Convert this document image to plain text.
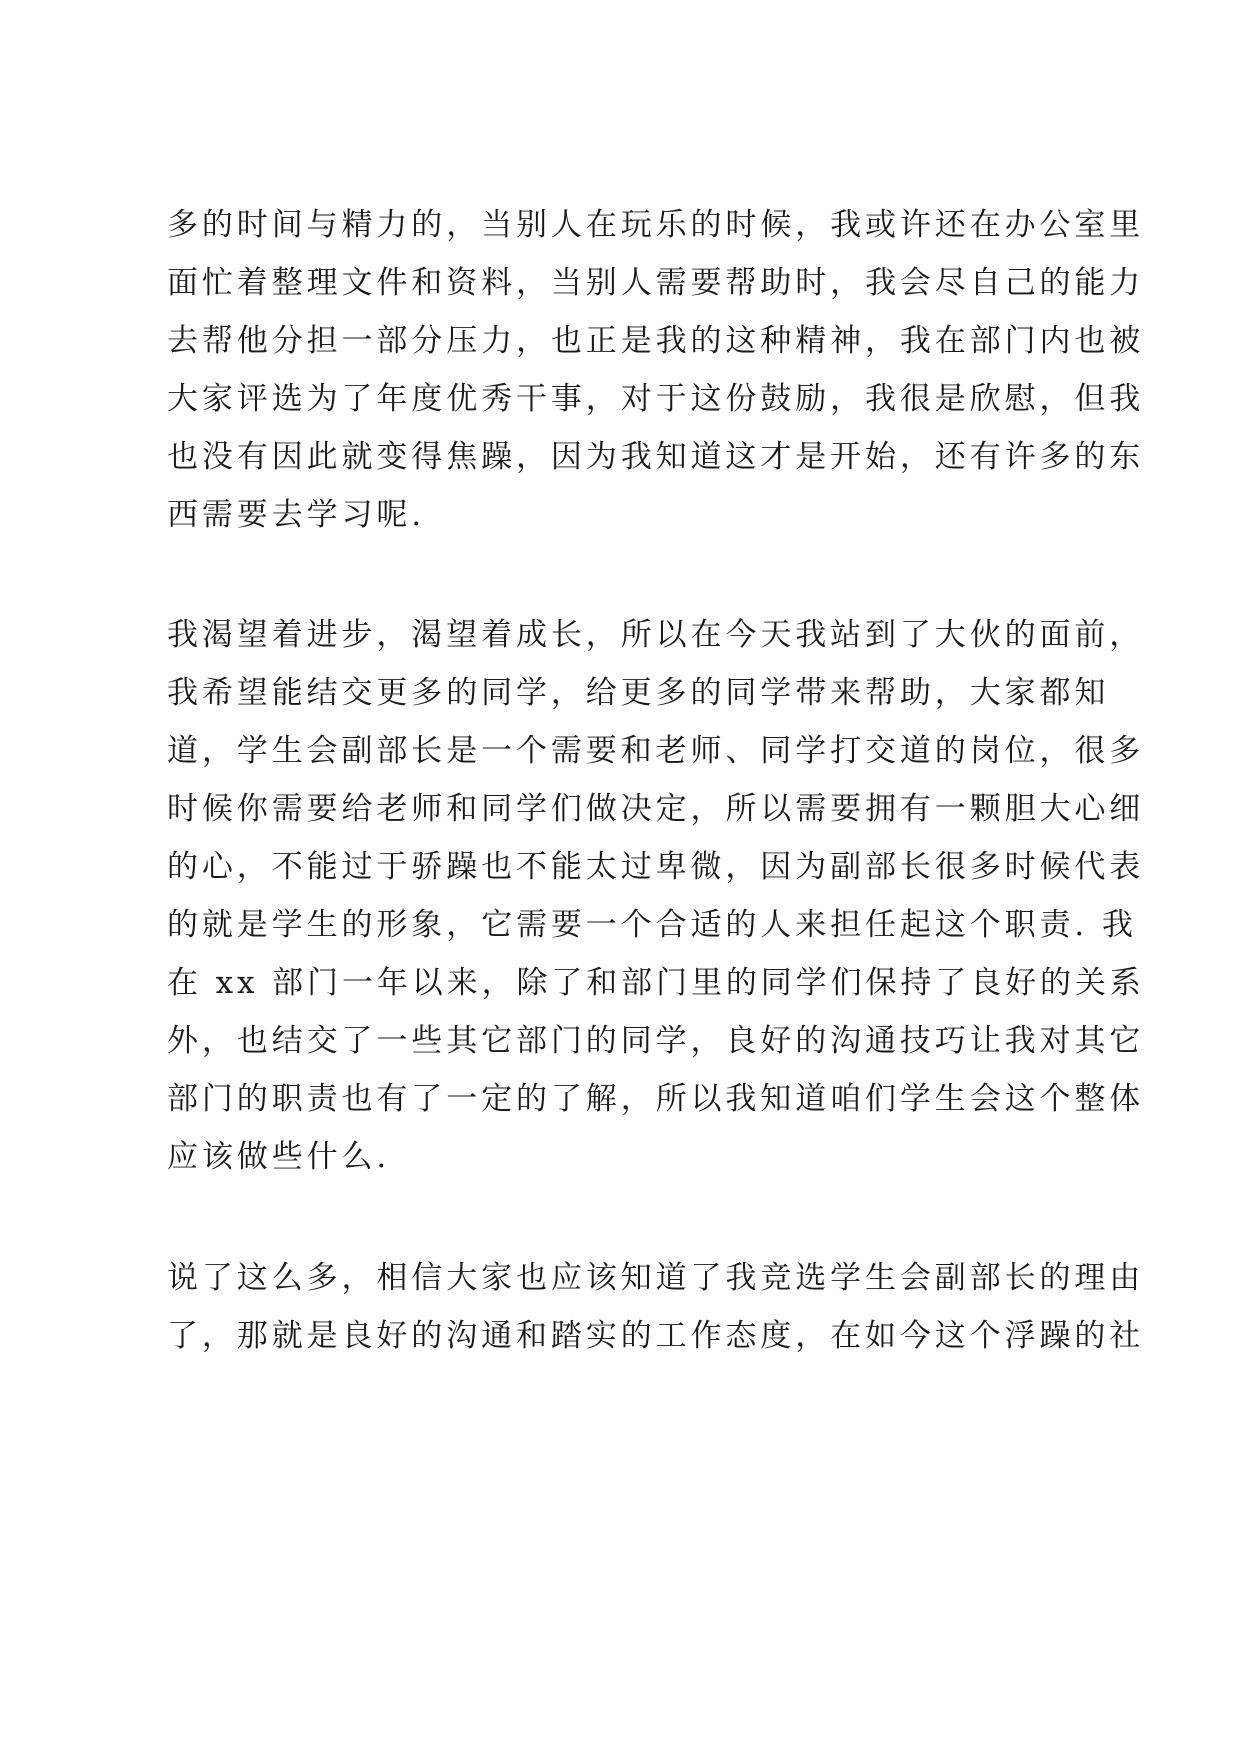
多的时间与精力的，当别人在玩乐的时候，我或许还在办公室里
面忙着整理文件和资料，当别人需要帮助时，我会尽自己的能力
去帮他分担一部分压力，也正是我的这种精神，我在部门内也被
大家评选为了年度优秀干事，对于这份鼓励，我很是欣慰，但我
也没有因此就变得焦躁，因为我知道这才是开始，还有许多的东
西需要去学习呢.
我渴望着进步，渴望着成长，所以在今天我站到了大伙的面前，
我希望能结交更多的同学，给更多的同学带来帮助，大家都知
道，学生会副部长是一个需要和老师、同学打交道的岗位，很多
时候你需要给老师和同学们做决定，所以需要拥有一颗胆大心细
的心，不能过于骄躁也不能太过卑微，因为副部长很多时候代表
的就是学生的形象，它需要一个合适的人来担任起这个职责. 我
在 xx 部门一年以来，除了和部门里的同学们保持了良好的关系
外，也结交了一些其它部门的同学，良好的沟通技巧让我对其它
部门的职责也有了一定的了解，所以我知道咱们学生会这个整体
应该做些什么.
说了这么多，相信大家也应该知道了我竞选学生会副部长的理由
了，那就是良好的沟通和踏实的工作态度，在如今这个浮躁的社
